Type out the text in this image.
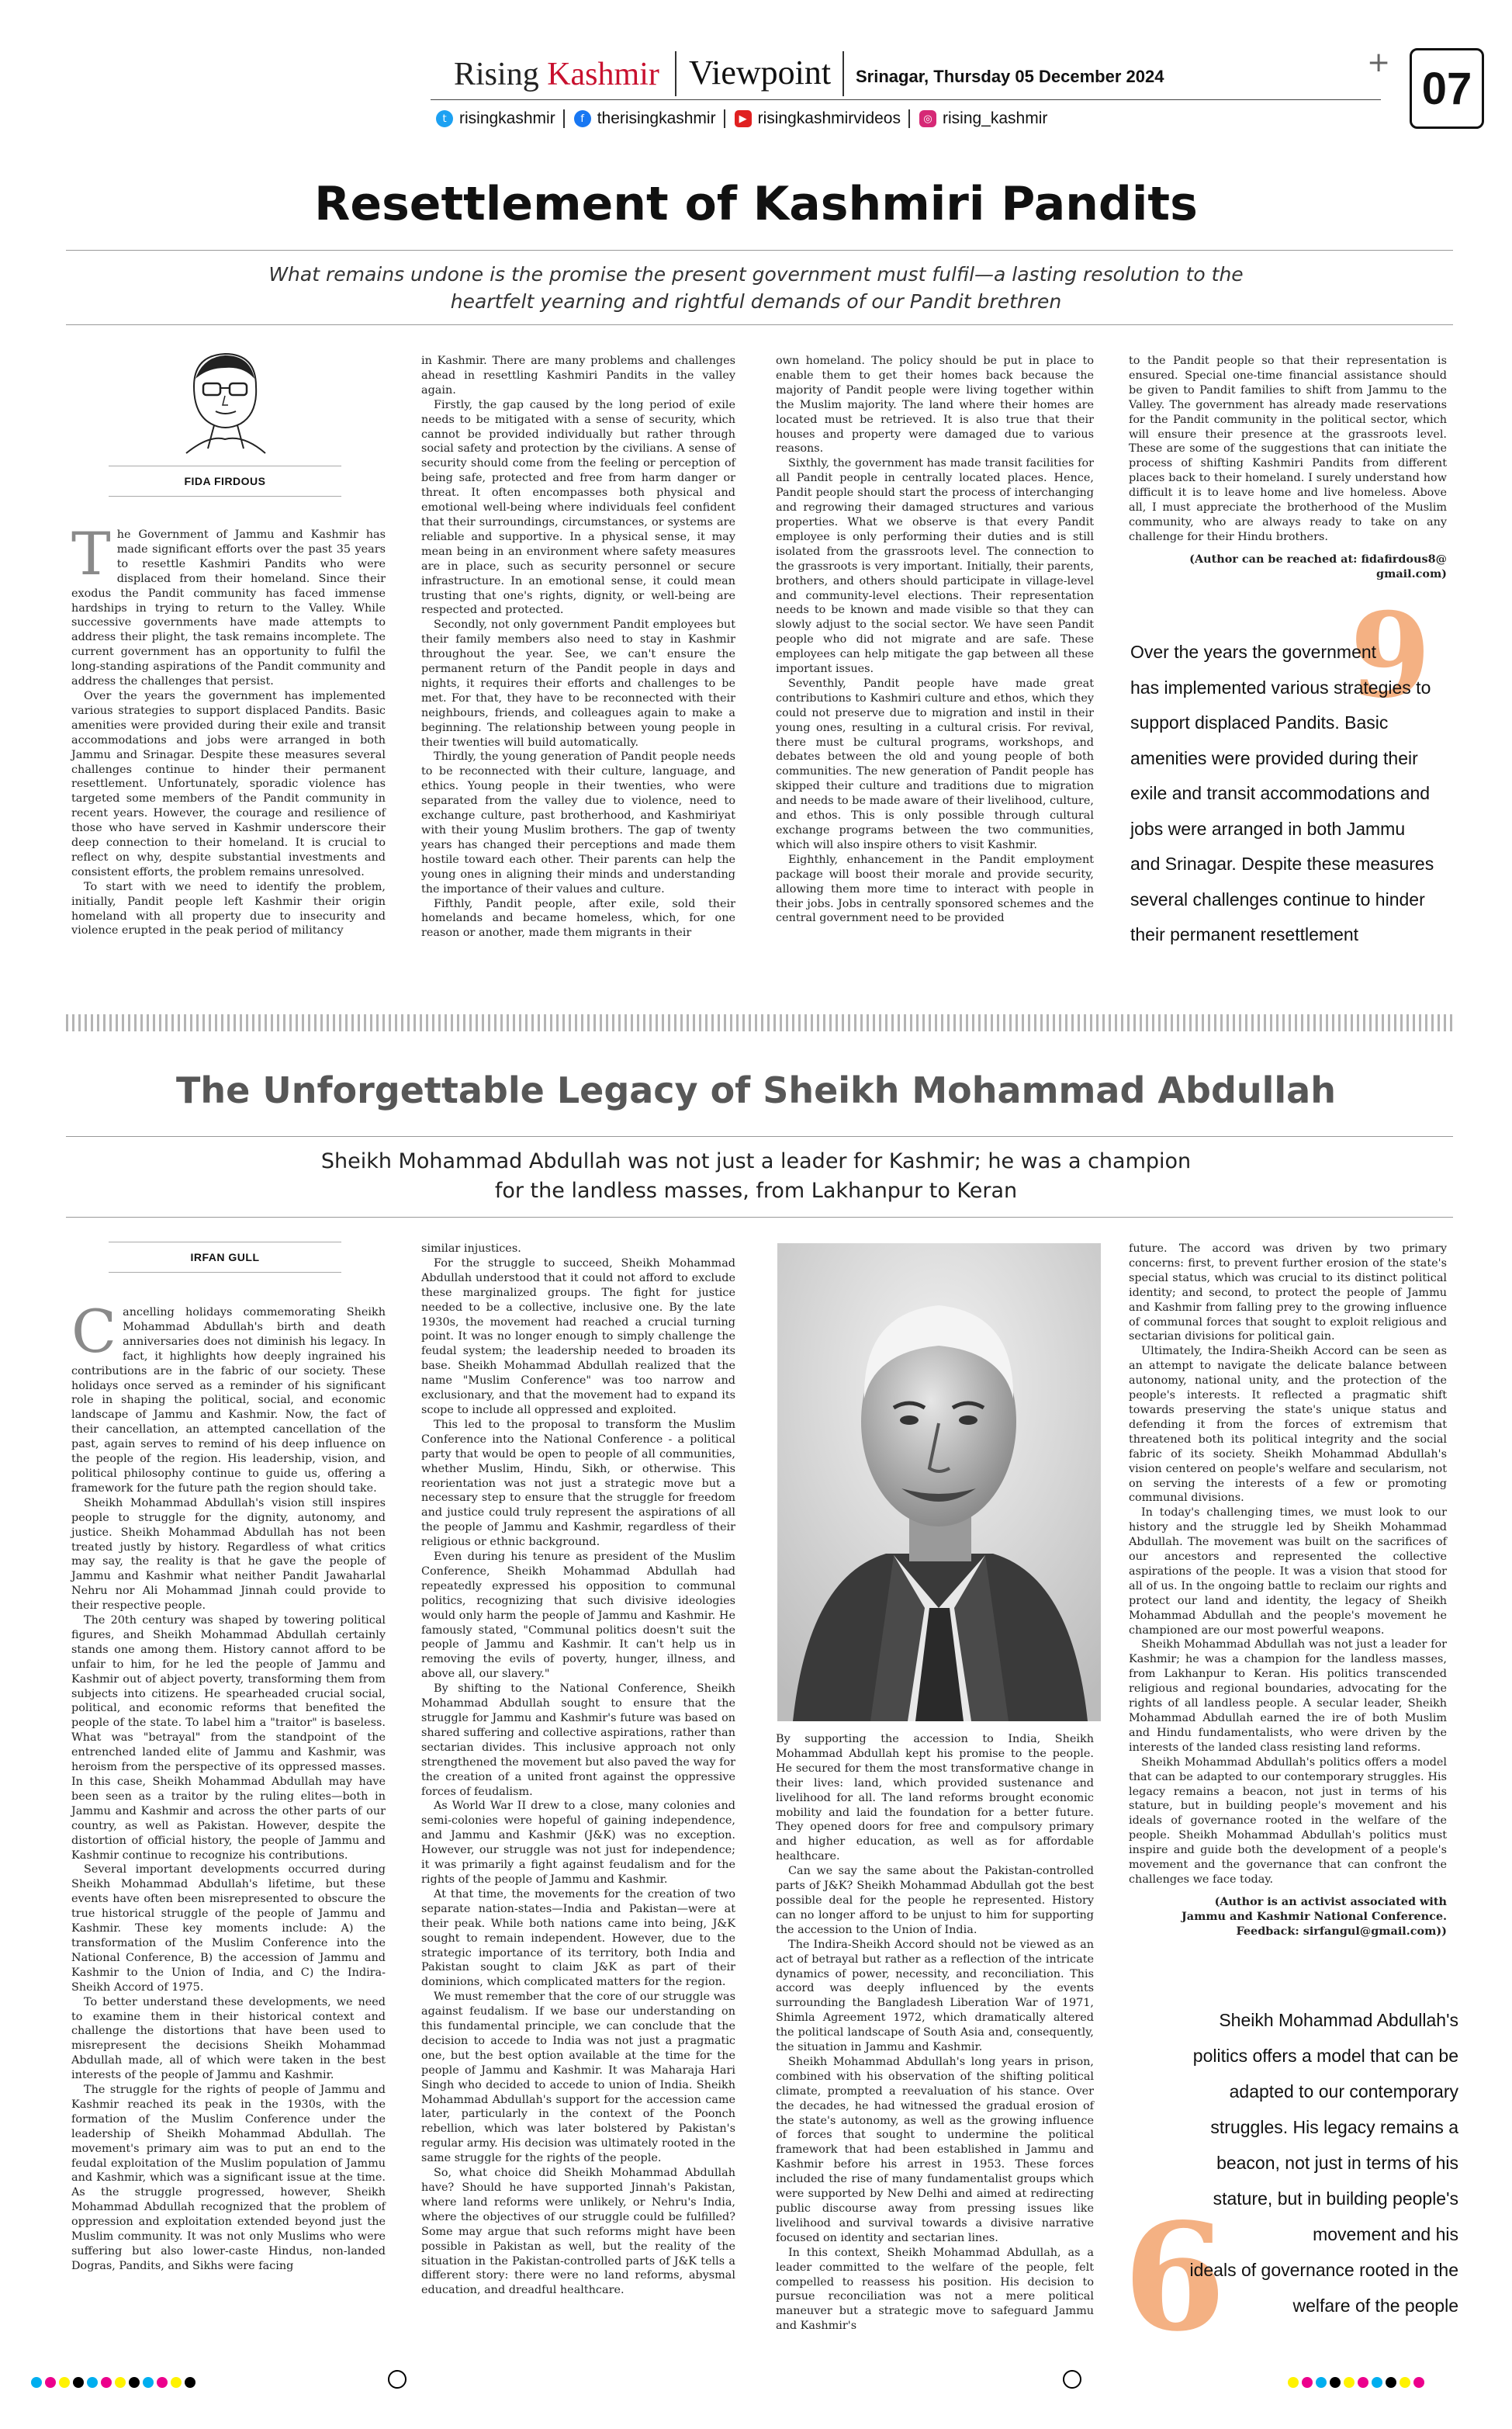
Rising Kashmir Viewpoint Srinagar, Thursday 05 December 2024
t risingkashmir	f therisingkashmir	▶ risingkashmirvideos	◎ rising_kashmir
+
07
Resettlement of Kashmiri Pandits
What remains undone is the promise the present government must fulfil—a lasting resolution to the
heartfelt yearning and rightful demands of our Pandit brethren
FIDA FIRDOUS
T he Government of Jammu and Kashmir has made significant efforts over the past 35 years to resettle Kashmiri Pandits who were displaced from their homeland. Since their exodus the Pandit community has faced immense hardships in trying to return to the Valley. While successive governments have made attempts to address their plight, the task remains incomplete. The current government has an opportunity to fulfil the long-standing aspirations of the Pandit community and address the challenges that persist.

Over the years the government has implemented various strategies to support displaced Pandits. Basic amenities were provided during their exile and transit accommodations and jobs were arranged in both Jammu and Srinagar. Despite these measures several challenges continue to hinder their permanent resettlement. Unfortunately, sporadic violence has targeted some members of the Pandit community in recent years. However, the courage and resilience of those who have served in Kashmir underscore their deep connection to their homeland. It is crucial to reflect on why, despite substantial investments and consistent efforts, the problem remains unresolved.

To start with we need to identify the problem, initially, Pandit people left Kashmir their origin homeland with all property due to insecurity and violence erupted in the peak period of militancy

in Kashmir. There are many problems and challenges ahead in resettling Kashmiri Pandits in the valley again.

Firstly, the gap caused by the long period of exile needs to be mitigated with a sense of security, which cannot be provided individually but rather through social safety and protection by the civilians. A sense of security should come from the feeling or perception of being safe, protected and free from harm danger or threat. It often encompasses both physical and emotional well-being where individuals feel confident that their surroundings, circumstances, or systems are reliable and supportive. In a physical sense, it may mean being in an environment where safety measures are in place, such as security personnel or secure infrastructure. In an emotional sense, it could mean trusting that one's rights, dignity, or well-being are respected and protected.

Secondly, not only government Pandit employees but their family members also need to stay in Kashmir throughout the year. See, we can't ensure the permanent return of the Pandit people in days and nights, it requires their efforts and challenges to be met. For that, they have to be reconnected with their neighbours, friends, and colleagues again to make a beginning. The relationship between young people in their twenties will build automatically.

Thirdly, the young generation of Pandit people needs to be reconnected with their culture, language, and ethics. Young people in their twenties, who were separated from the valley due to violence, need to exchange culture, past brotherhood, and Kashmiriyat with their young Muslim brothers. The gap of twenty years has changed their perceptions and made them hostile toward each other. Their parents can help the young ones in aligning their minds and understanding the importance of their values and culture.

Fifthly, Pandit people, after exile, sold their homelands and became homeless, which, for one reason or another, made them migrants in their

own homeland. The policy should be put in place to enable them to get their homes back because the majority of Pandit people were living together within the Muslim majority. The land where their homes are located must be retrieved. It is also true that their houses and property were damaged due to various reasons.

Sixthly, the government has made transit facilities for all Pandit people in centrally located places. Hence, Pandit people should start the process of interchanging and regrowing their damaged structures and various properties. What we observe is that every Pandit employee is only performing their duties and is still isolated from the grassroots level. The connection to the grassroots is very important. Initially, their parents, brothers, and others should participate in village-level and community-level elections. Their representation needs to be known and made visible so that they can slowly adjust to the social sector. We have seen Pandit people who did not migrate and are safe. These employees can help mitigate the gap between all these important issues.

Seventhly, Pandit people have made great contributions to Kashmiri culture and ethos, which they could not preserve due to migration and instil in their young ones, resulting in a cultural crisis. For revival, there must be cultural programs, workshops, and debates between the old and young people of both communities. The new generation of Pandit people has skipped their culture and traditions due to migration and needs to be made aware of their livelihood, culture, and ethos. This is only possible through cultural exchange programs between the two communities, which will also inspire others to visit Kashmir.

Eighthly, enhancement in the Pandit employment package will boost their morale and provide security, allowing them more time to interact with people in their jobs. Jobs in centrally sponsored schemes and the central government need to be provided

to the Pandit people so that their representation is ensured. Special one-time financial assistance should be given to Pandit families to shift from Jammu to the Valley. The government has already made reservations for the Pandit community in the political sector, which will ensure their presence at the grassroots level. These are some of the suggestions that can initiate the process of shifting Kashmiri Pandits from different places back to their homeland. I surely understand how difficult it is to leave home and live homeless. Above all, I must appreciate the brotherhood of the Muslim community, who are always ready to take on any challenge for their Hindu brothers.

(Author can be reached at: fidafirdous8@
gmail.com)

9
Over the years the government
has implemented various strategies to
support displaced Pandits. Basic
amenities were provided during their
exile and transit accommodations and
jobs were arranged in both Jammu
and Srinagar. Despite these measures
several challenges continue to hinder
their permanent resettlement
The Unforgettable Legacy of Sheikh Mohammad Abdullah
Sheikh Mohammad Abdullah was not just a leader for Kashmir; he was a champion
for the landless masses, from Lakhanpur to Keran
IRFAN GULL
C ancelling holidays commemorating Sheikh Mohammad Abdullah's birth and death anniversaries does not diminish his legacy. In fact, it highlights how deeply ingrained his contributions are in the fabric of our society. These holidays once served as a reminder of his significant role in shaping the political, social, and economic landscape of Jammu and Kashmir. Now, the fact of their cancellation, an attempted cancellation of the past, again serves to remind of his deep influence on the people of the region. His leadership, vision, and political philosophy continue to guide us, offering a framework for the future path the region should take.

Sheikh Mohammad Abdullah's vision still inspires people to struggle for the dignity, autonomy, and justice. Sheikh Mohammad Abdullah has not been treated justly by history. Regardless of what critics may say, the reality is that he gave the people of Jammu and Kashmir what neither Pandit Jawaharlal Nehru nor Ali Mohammad Jinnah could provide to their respective people.

The 20th century was shaped by towering political figures, and Sheikh Mohammad Abdullah certainly stands one among them. History cannot afford to be unfair to him, for he led the people of Jammu and Kashmir out of abject poverty, transforming them from subjects into citizens. He spearheaded crucial social, political, and economic reforms that benefited the people of the state. To label him a "traitor" is baseless. What was "betrayal" from the standpoint of the entrenched landed elite of Jammu and Kashmir, was heroism from the perspective of its oppressed masses. In this case, Sheikh Mohammad Abdullah may have been seen as a traitor by the ruling elites—both in Jammu and Kashmir and across the other parts of our country, as well as Pakistan. However, despite the distortion of official history, the people of Jammu and Kashmir continue to recognize his contributions.

Several important developments occurred during Sheikh Mohammad Abdullah's lifetime, but these events have often been misrepresented to obscure the true historical struggle of the people of Jammu and Kashmir. These key moments include: A) the transformation of the Muslim Conference into the National Conference, B) the accession of Jammu and Kashmir to the Union of India, and C) the Indira-Sheikh Accord of 1975.

To better understand these developments, we need to examine them in their historical context and challenge the distortions that have been used to misrepresent the decisions Sheikh Mohammad Abdullah made, all of which were taken in the best interests of the people of Jammu and Kashmir.

The struggle for the rights of people of Jammu and Kashmir reached its peak in the 1930s, with the formation of the Muslim Conference under the leadership of Sheikh Mohammad Abdullah. The movement's primary aim was to put an end to the feudal exploitation of the Muslim population of Jammu and Kashmir, which was a significant issue at the time. As the struggle progressed, however, Sheikh Mohammad Abdullah recognized that the problem of oppression and exploitation extended beyond just the Muslim community. It was not only Muslims who were suffering but also lower-caste Hindus, non-landed Dogras, Pandits, and Sikhs were facing

similar injustices.

For the struggle to succeed, Sheikh Mohammad Abdullah understood that it could not afford to exclude these marginalized groups. The fight for justice needed to be a collective, inclusive one. By the late 1930s, the movement had reached a crucial turning point. It was no longer enough to simply challenge the feudal system; the leadership needed to broaden its base. Sheikh Mohammad Abdullah realized that the name "Muslim Conference" was too narrow and exclusionary, and that the movement had to expand its scope to include all oppressed and exploited.

This led to the proposal to transform the Muslim Conference into the National Conference - a political party that would be open to people of all communities, whether Muslim, Hindu, Sikh, or otherwise. This reorientation was not just a strategic move but a necessary step to ensure that the struggle for freedom and justice could truly represent the aspirations of all the people of Jammu and Kashmir, regardless of their religious or ethnic background.

Even during his tenure as president of the Muslim Conference, Sheikh Mohammad Abdullah had repeatedly expressed his opposition to communal politics, recognizing that such divisive ideologies would only harm the people of Jammu and Kashmir. He famously stated, "Communal politics doesn't suit the people of Jammu and Kashmir. It can't help us in removing the evils of poverty, hunger, illness, and above all, our slavery."

By shifting to the National Conference, Sheikh Mohammad Abdullah sought to ensure that the struggle for Jammu and Kashmir's future was based on shared suffering and collective aspirations, rather than sectarian divides. This inclusive approach not only strengthened the movement but also paved the way for the creation of a united front against the oppressive forces of feudalism.

As World War II drew to a close, many colonies and semi-colonies were hopeful of gaining independence, and Jammu and Kashmir (J&K) was no exception. However, our struggle was not just for independence; it was primarily a fight against feudalism and for the rights of the people of Jammu and Kashmir.

At that time, the movements for the creation of two separate nation-states—India and Pakistan—were at their peak. While both nations came into being, J&K sought to remain independent. However, due to the strategic importance of its territory, both India and Pakistan sought to claim J&K as part of their dominions, which complicated matters for the region.

We must remember that the core of our struggle was against feudalism. If we base our understanding on this fundamental principle, we can conclude that the decision to accede to India was not just a pragmatic one, but the best option available at the time for the people of Jammu and Kashmir. It was Maharaja Hari Singh who decided to accede to union of India. Sheikh Mohammad Abdullah's support for the accession came later, particularly in the context of the Poonch rebellion, which was later bolstered by Pakistan's regular army. His decision was ultimately rooted in the same struggle for the rights of the people.

So, what choice did Sheikh Mohammad Abdullah have? Should he have supported Jinnah's Pakistan, where land reforms were unlikely, or Nehru's India, where the objectives of our struggle could be fulfilled? Some may argue that such reforms might have been possible in Pakistan as well, but the reality of the situation in the Pakistan-controlled parts of J&K tells a different story: there were no land reforms, abysmal education, and dreadful healthcare.

By supporting the accession to India, Sheikh Mohammad Abdullah kept his promise to the people. He secured for them the most transformative change in their lives: land, which provided sustenance and livelihood for all. The land reforms brought economic mobility and laid the foundation for a better future. They opened doors for free and compulsory primary and higher education, as well as for affordable healthcare.

Can we say the same about the Pakistan-controlled parts of J&K? Sheikh Mohammad Abdullah got the best possible deal for the people he represented. History can no longer afford to be unjust to him for supporting the accession to the Union of India.

The Indira-Sheikh Accord should not be viewed as an act of betrayal but rather as a reflection of the intricate dynamics of power, necessity, and reconciliation. This accord was deeply influenced by the events surrounding the Bangladesh Liberation War of 1971, Shimla Agreement 1972, which dramatically altered the political landscape of South Asia and, consequently, the situation in Jammu and Kashmir.

Sheikh Mohammad Abdullah's long years in prison, combined with his observation of the shifting political climate, prompted a reevaluation of his stance. Over the decades, he had witnessed the gradual erosion of the state's autonomy, as well as the growing influence of forces that sought to undermine the political framework that had been established in Jammu and Kashmir before his arrest in 1953. These forces included the rise of many fundamentalist groups which were supported by New Delhi and aimed at redirecting public discourse away from pressing issues like livelihood and survival towards a divisive narrative focused on identity and sectarian lines.

In this context, Sheikh Mohammad Abdullah, as a leader committed to the welfare of the people, felt compelled to reassess his position. His decision to pursue reconciliation was not a mere political maneuver but a strategic move to safeguard Jammu and Kashmir's

future. The accord was driven by two primary concerns: first, to prevent further erosion of the state's special status, which was crucial to its distinct political identity; and second, to protect the people of Jammu and Kashmir from falling prey to the growing influence of communal forces that sought to exploit religious and sectarian divisions for political gain.

Ultimately, the Indira-Sheikh Accord can be seen as an attempt to navigate the delicate balance between autonomy, national unity, and the protection of the people's interests. It reflected a pragmatic shift towards preserving the state's unique status and defending it from the forces of extremism that threatened both its political integrity and the social fabric of its society. Sheikh Mohammad Abdullah's vision centered on people's welfare and secularism, not on serving the interests of a few or promoting communal divisions.

In today's challenging times, we must look to our history and the struggle led by Sheikh Mohammad Abdullah. The movement was built on the sacrifices of our ancestors and represented the collective aspirations of the people. It was a vision that stood for all of us. In the ongoing battle to reclaim our rights and protect our land and identity, the legacy of Sheikh Mohammad Abdullah and the people's movement he championed are our most powerful weapons.

Sheikh Mohammad Abdullah was not just a leader for Kashmir; he was a champion for the landless masses, from Lakhanpur to Keran. His politics transcended religious and regional boundaries, advocating for the rights of all landless people. A secular leader, Sheikh Mohammad Abdullah earned the ire of both Muslim and Hindu fundamentalists, who were driven by the interests of the landed class resisting land reforms.

Sheikh Mohammad Abdullah's politics offers a model that can be adapted to our contemporary struggles. His legacy remains a beacon, not just in terms of his stature, but in building people's movement and his ideals of governance rooted in the welfare of the people. Sheikh Mohammad Abdullah's politics must inspire and guide both the development of a people's movement and the governance that can confront the challenges we face today.

(Author is an activist associated with
Jammu and Kashmir National Conference.
Feedback: sirfangul@gmail.com))

6
Sheikh Mohammad Abdullah's
politics offers a model that can be
adapted to our contemporary
struggles. His legacy remains a
beacon, not just in terms of his
stature, but in building people's
movement and his
ideals of governance rooted in the
welfare of the people
